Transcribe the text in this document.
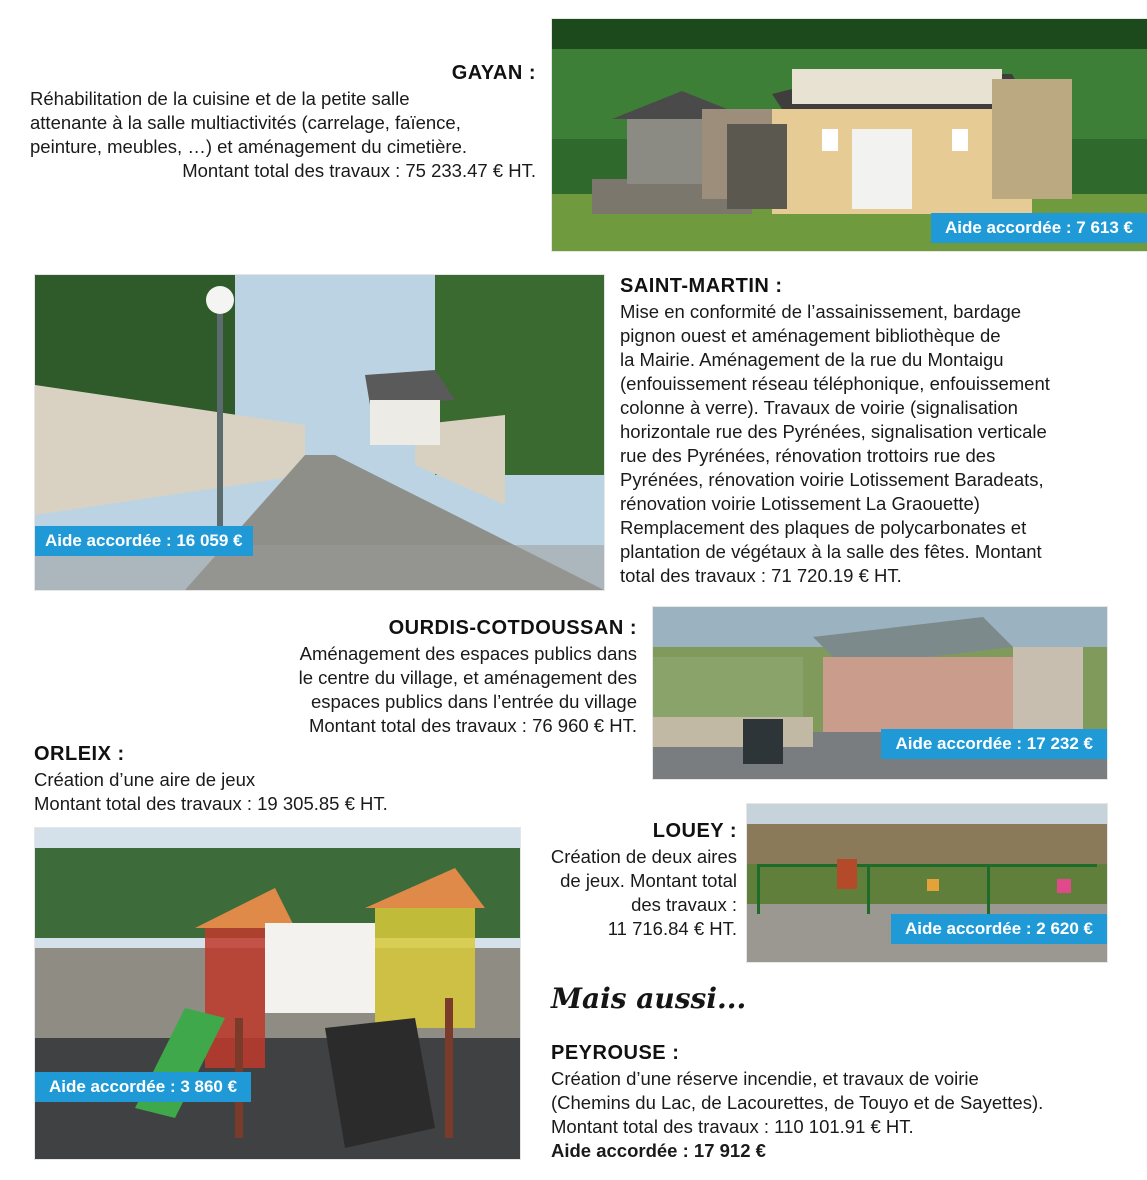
GAYAN :
Réhabilitation de la cuisine et de la petite salle
attenante à la salle multiactivités (carrelage, faïence,
peinture, meubles, …) et aménagement du cimetière.
Montant total des travaux : 75 233.47 € HT.
Aide accordée : 7 613 €
Aide accordée : 16 059 €
SAINT-MARTIN :
Mise en conformité de l’assainissement, bardage
pignon ouest et aménagement bibliothèque de
la Mairie. Aménagement de la rue du Montaigu
(enfouissement réseau téléphonique, enfouissement
colonne à verre). Travaux de voirie (signalisation
horizontale rue des Pyrénées, signalisation verticale
rue des Pyrénées, rénovation trottoirs rue des
Pyrénées, rénovation voirie Lotissement Baradeats,
rénovation voirie Lotissement La Graouette)
Remplacement des plaques de polycarbonates et
plantation de végétaux à la salle des fêtes. Montant
total des travaux : 71 720.19 € HT.
OURDIS-COTDOUSSAN :
Aménagement des espaces publics dans
le centre du village, et aménagement des
espaces publics dans l’entrée du village
Montant total des travaux : 76 960 € HT.
Aide accordée : 17 232 €
ORLEIX :
Création d’une aire de jeux
Montant total des travaux : 19 305.85 € HT.
Aide accordée : 3 860 €
LOUEY :
Création de deux aires
de jeux. Montant total
des travaux :
11 716.84 € HT.	Aide accordée : 2 620 €
Mais aussi...
PEYROUSE :
Création d’une réserve incendie, et travaux de voirie
(Chemins du Lac, de Lacourettes, de Touyo et de Sayettes).
Montant total des travaux : 110 101.91 € HT.
Aide accordée : 17 912 €
